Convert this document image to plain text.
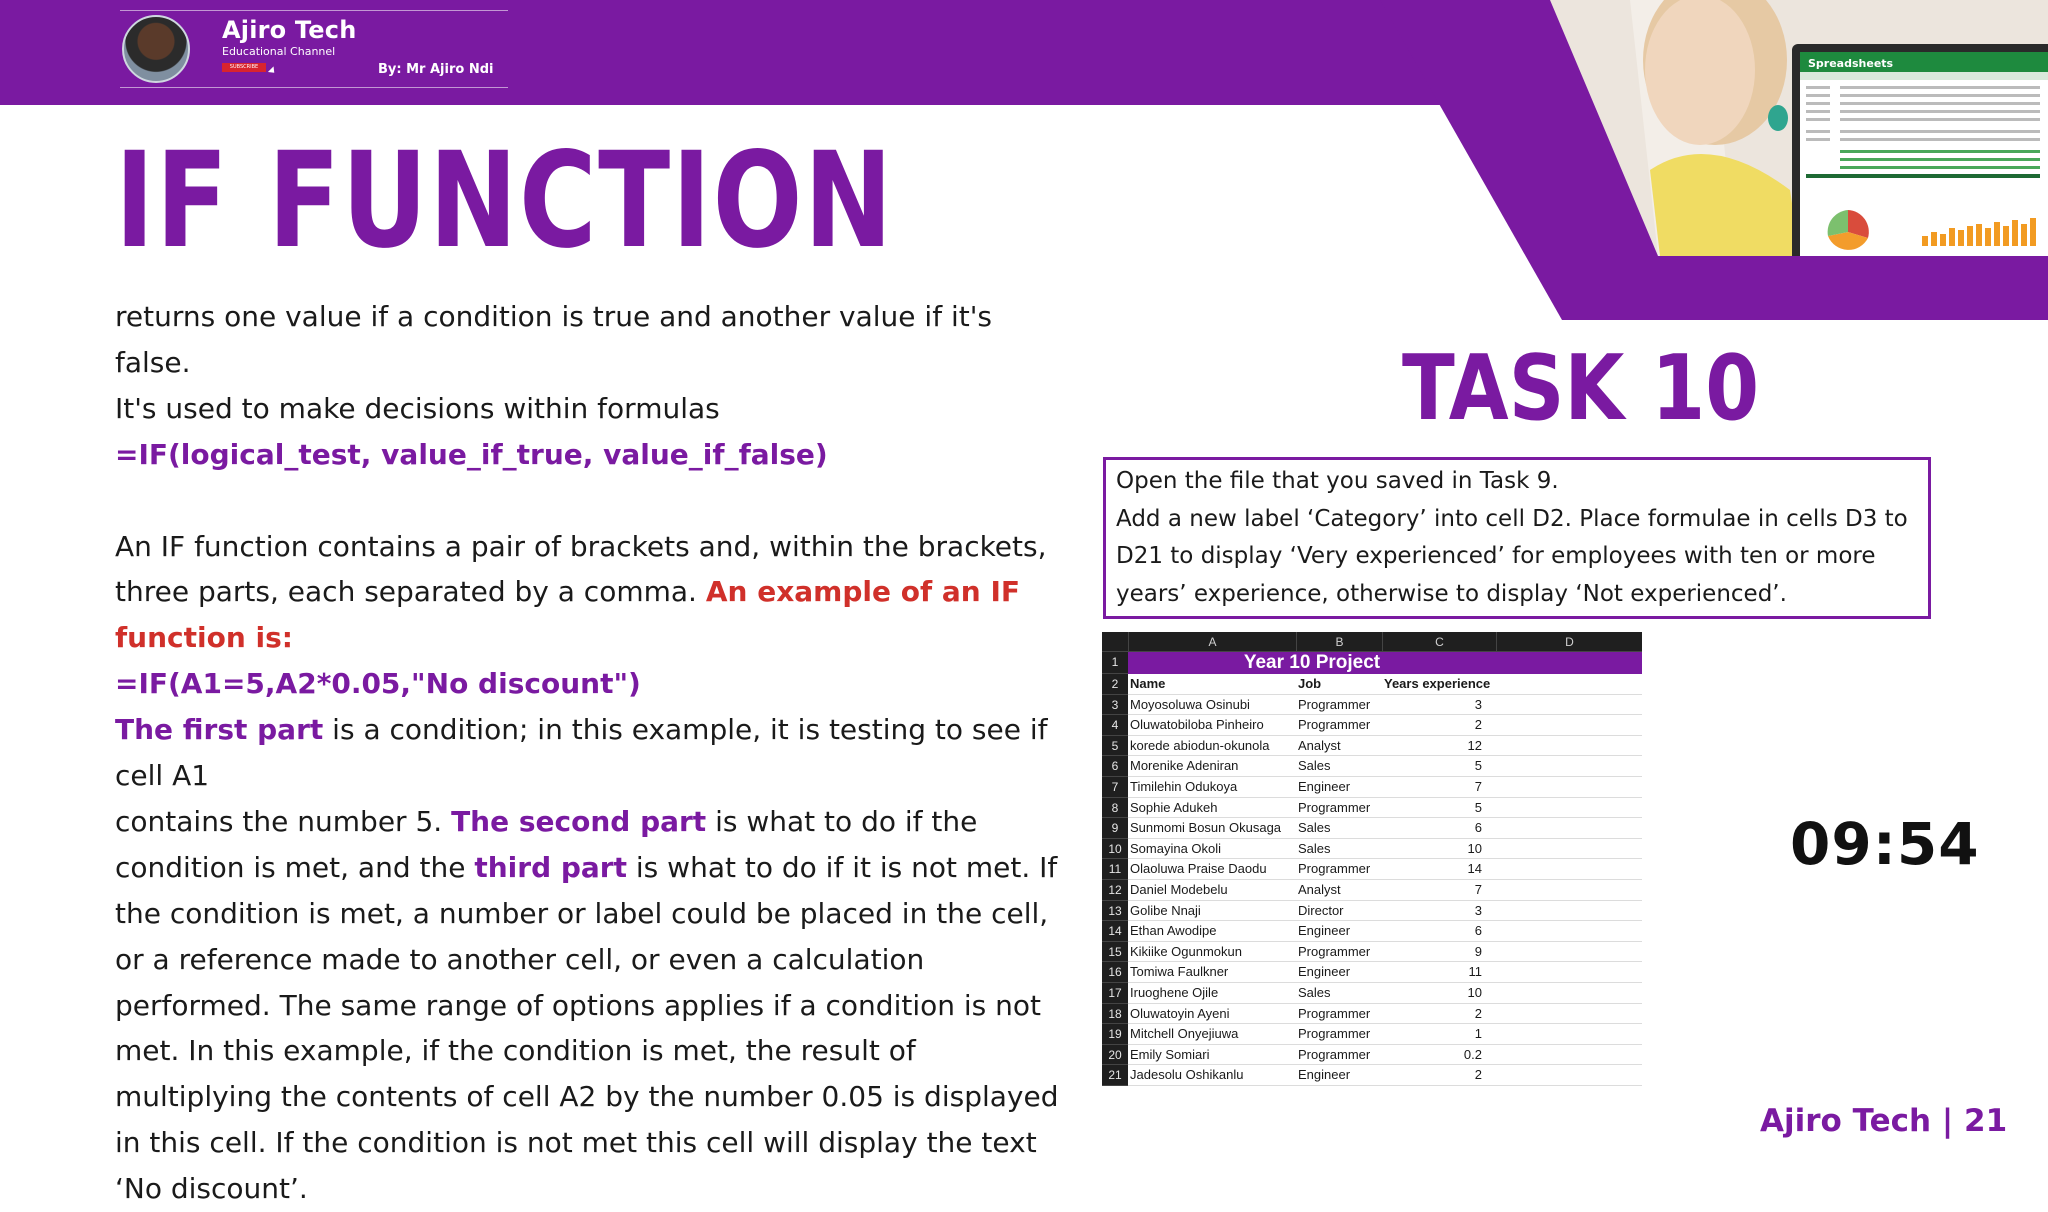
Spreadsheets
Ajiro Tech
Educational Channel
SUBSCRIBE	By: Mr Ajiro Ndi
IF FUNCTION

returns one value if a condition is true and another value if it's false.

It's used to make decisions within formulas

=IF(logical_test, value_if_true, value_if_false)

An IF function contains a pair of brackets and, within the brackets, three parts, each separated by a comma. An example of an IF function is:

=IF(A1=5,A2*0.05,"No discount")

The first part is a condition; in this example, it is testing to see if cell A1

contains the number 5. The second part is what to do if the condition is met, and the third part is what to do if it is not met. If the condition is met, a number or label could be placed in the cell, or a reference made to another cell, or even a calculation performed. The same range of options applies if a condition is not met. In this example, if the condition is met, the result of multiplying the contents of cell A2 by the number 0.05 is displayed in this cell. If the condition is not met this cell will display the text ‘No discount’.

TASK 10

Open the file that you saved in Task 9.

Add a new label ‘Category’ into cell D2. Place formulae in cells D3 to D21 to display ‘Very experienced’ for employees with ten or more years’ experience, otherwise to display ‘Not experienced’.

A	B	C	D
1	Year 10 Project
2 Name	Job	Years experience
3 Moyosoluwa Osinubi	Programmer	3
4 Oluwatobiloba Pinheiro	Programmer	2
5 korede abiodun-okunola	Analyst	12
6 Morenike Adeniran	Sales	5
7 Timilehin Odukoya	Engineer	7
8 Sophie Adukeh	Programmer	5
9 Sunmomi Bosun Okusaga	Sales	6
10 Somayina Okoli	Sales	10
11 Olaoluwa Praise Daodu	Programmer	14
12 Daniel Modebelu	Analyst	7
13 Golibe Nnaji	Director	3
14 Ethan Awodipe	Engineer	6
15 Kikiike Ogunmokun	Programmer	9
16 Tomiwa Faulkner	Engineer	11
17 Iruoghene Ojile	Sales	10
18 Oluwatoyin Ayeni	Programmer	2
19 Mitchell Onyejiuwa	Programmer	1
20 Emily Somiari	Programmer	0.2
21 Jadesolu Oshikanlu	Engineer	2
09:54
Ajiro Tech | 21
